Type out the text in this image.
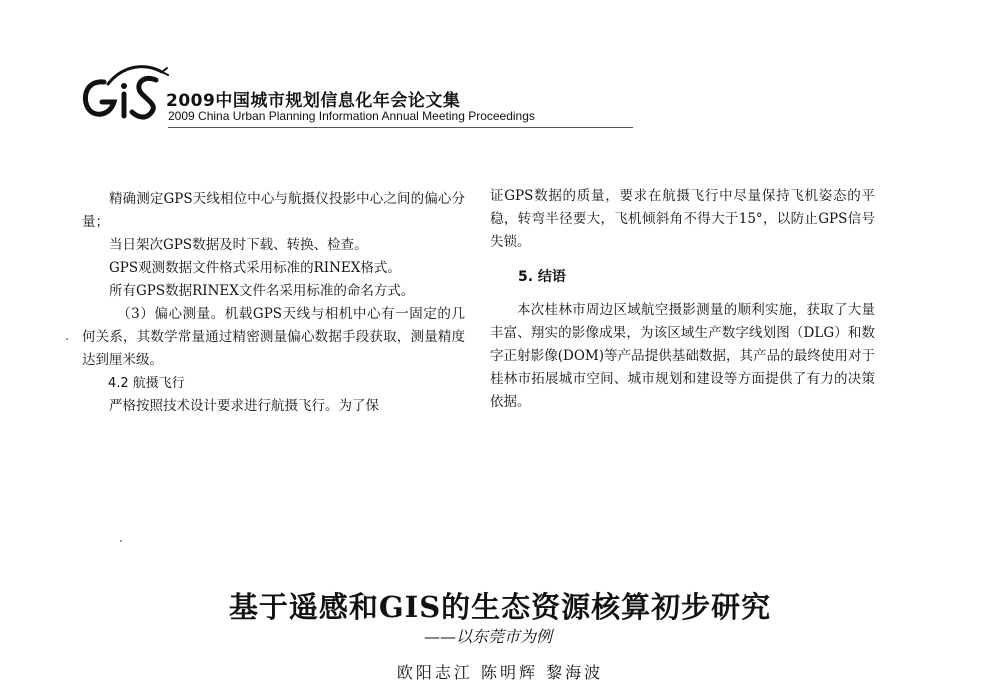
GIS
2009中国城市规划信息化年会论文集
2009 China Urban Planning Information Annual Meeting Proceedings

精确测定GPS天线相位中心与航摄仪投影中心之间的偏心分量；

当日架次GPS数据及时下载、转换、检查。

GPS观测数据文件格式采用标准的RINEX格式。

所有GPS数据RINEX文件名采用标准的命名方式。

（3）偏心测量。机载GPS天线与相机中心有一固定的几何关系，其数学常量通过精密测量偏心数据手段获取，测量精度达到厘米级。

4.2 航摄飞行

严格按照技术设计要求进行航摄飞行。为了保

证GPS数据的质量，要求在航摄飞行中尽量保持飞机姿态的平稳，转弯半径要大，飞机倾斜角不得大于15°，以防止GPS信号失锁。

5. 结语

本次桂林市周边区域航空摄影测量的顺利实施，获取了大量丰富、翔实的影像成果，为该区域生产数字线划图（DLG）和数字正射影像(DOM)等产品提供基础数据，其产品的最终使用对于桂林市拓展城市空间、城市规划和建设等方面提供了有力的决策依据。

基于遥感和GIS的生态资源核算初步研究
——以东莞市为例
欧阳志江 陈明辉 黎海波
